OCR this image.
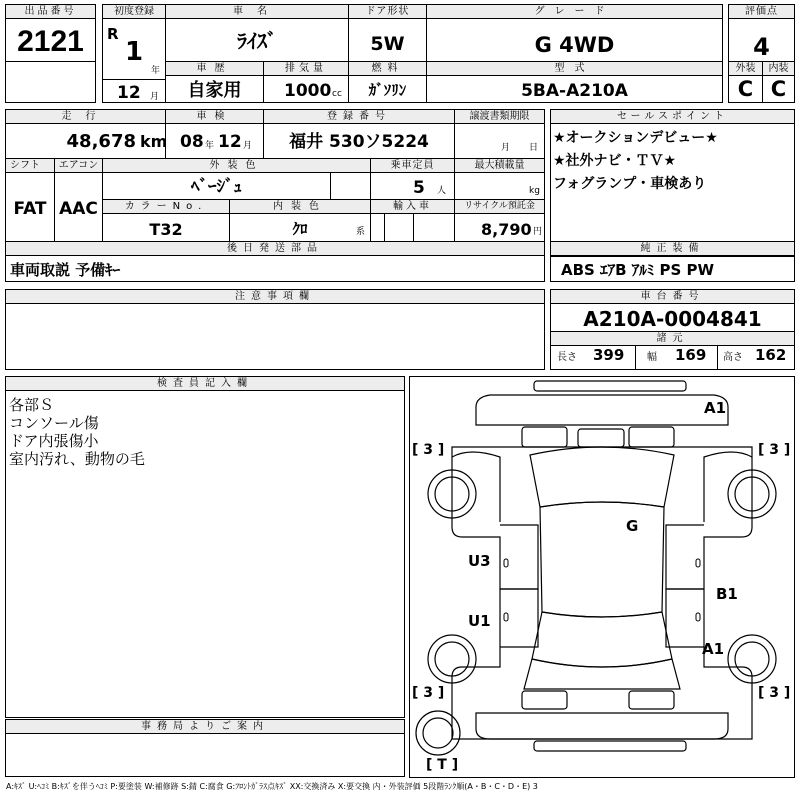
出品番号
2121
初度登録
R
1
年
12 月
車名
ﾗｲｽﾞ
ドア形状
5W
グレード
G 4WD
評価点
4
車歴
自家用
排気量
1000 cc
燃料
ｶﾞｿﾘﾝ
型式
5BA-A210A
外装
C
内装
C
走行
48,678 km
車検
08 年 12 月
登録番号
福井 530ソ5224
譲渡書類期限
月 日
セールスポイント
★オークションデビュー★
★社外ナビ・ＴＶ★
フォグランプ・車検あり
シフト
FAT
エアコン
AAC
外装色
ﾍﾞｰｼﾞｭ
乗車定員
5 人
最大積載量
kg
カラーNo.
T32
内装色
ｸﾛ	系
輸入車	リサイクル預託金
8,790 円
後日発送部品
車両取説 予備ｷｰ
純正装備
ABS ｴｱB ｱﾙﾐ PS PW
注意事項欄	車台番号
A210A-0004841
諸元
長さ 399 幅 169 高さ 162
検査員記入欄
各部Ｓ
コンソール傷
ドア内張傷小
室内汚れ、動物の毛
事務局よりご案内
A:ｷｽﾞ U:ﾍｺﾐ B:ｷｽﾞを伴うﾍｺﾐ P:要塗装 W:補修跡 S:錆 C:腐食 G:ﾌﾛﾝﾄｶﾞﾗｽ点ｷｽﾞ XX:交換済み X:要交換 内・外装評価 5段階ﾗﾝｸ順(A・B・C・D・E) 3
A1
G
U3
U1
B1
A1
[ 3 ]	[ 3 ]
[ 3 ]	[ 3 ]
[ T ]
